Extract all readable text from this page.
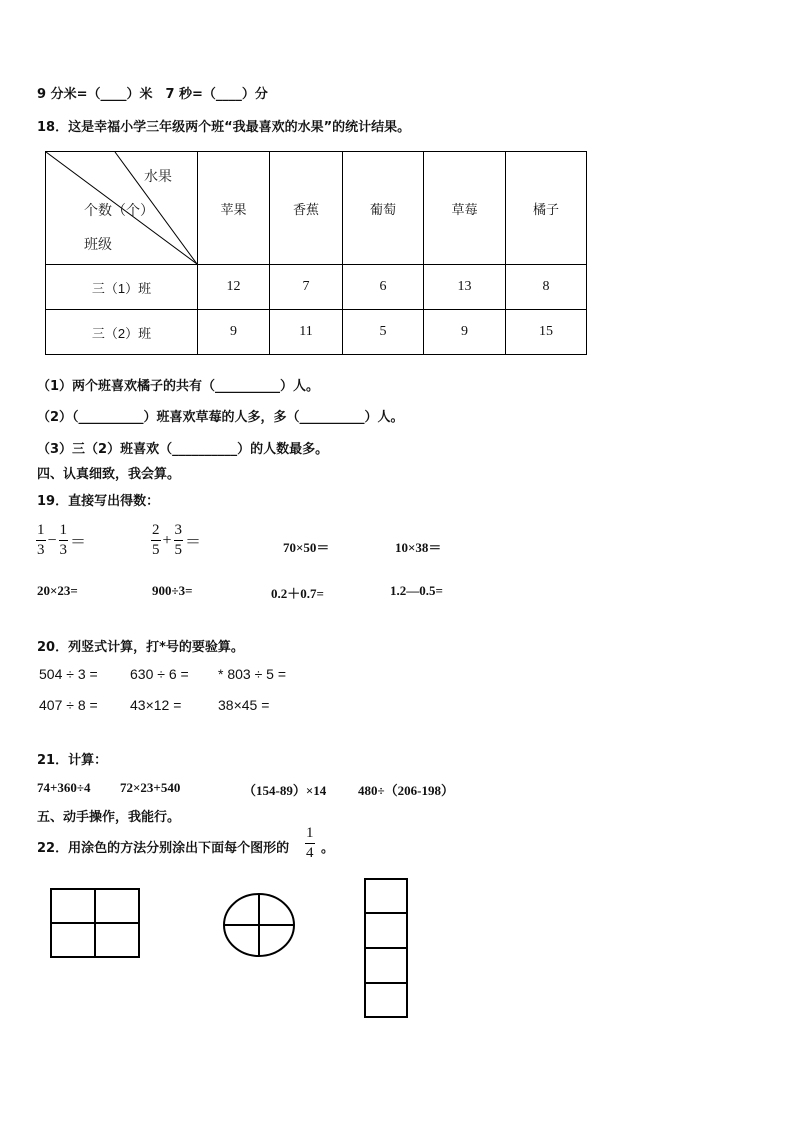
9 分米=（____）米　7 秒=（____）分
18．这是幸福小学三年级两个班“我最喜欢的水果”的统计结果。
水果
个数（个）
班级	苹果	香蕉	葡萄	草莓	橘子
三（1）班	12	7	6	13	8
三（2）班	9	11	5	9	15
（1）两个班喜欢橘子的共有（__________）人。
（2）（__________）班喜欢草莓的人多，多（__________）人。
（3）三（2）班喜欢（__________）的人数最多。
四、认真细致，我会算。
19．直接写出得数：
1
3
−
1
3 ＝
2
5
+
3
5 ＝	70×50＝	10×38＝
20×23=	900÷3=	0.2＋0.7=	1.2—0.5=
20．列竖式计算，打*号的要验算。
504 ÷ 3 = 630 ÷ 6 = * 803 ÷ 5 =
407 ÷ 8 = 43×12 =	38×45 =
21．计算：
74+360÷4 72×23+540	（154-89）×14 480÷（206-198）
五、动手操作，我能行。
22．用涂色的方法分别涂出下面每个图形的
1
4 。
